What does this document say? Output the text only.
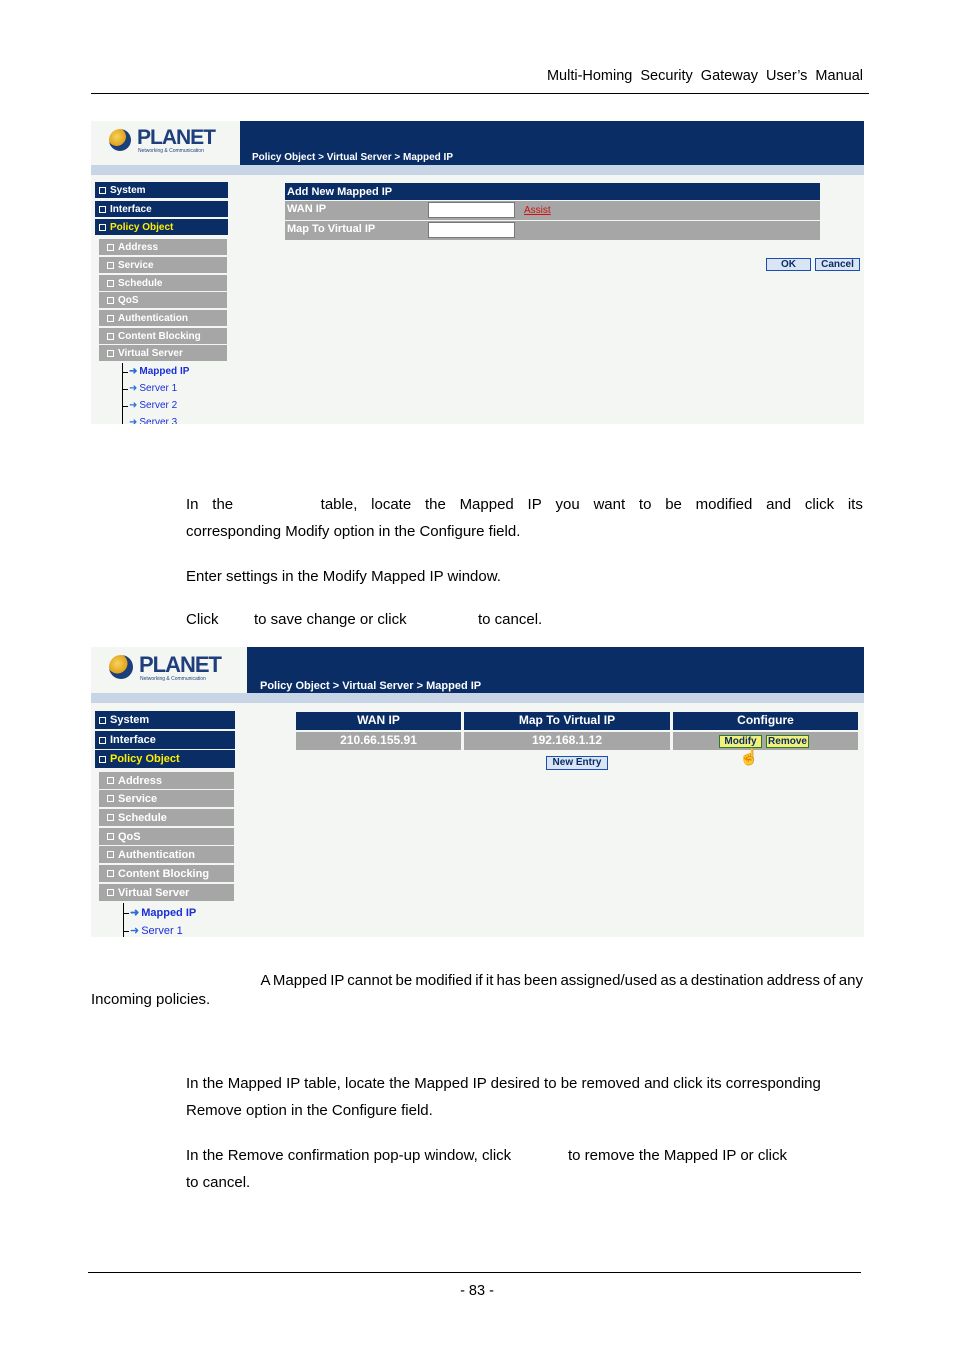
Multi-Homing Security Gateway User’s Manual
PLANET
Networking & Communication
Policy Object > Virtual Server > Mapped IP
System
Interface
Policy Object
Address
Service
Schedule
QoS
Authentication
Content Blocking
Virtual Server
➜ Mapped IP
➜ Server 1
➜ Server 2
➜ Server 3
Add New Mapped IP
WAN IP	Assist
Map To Virtual IP
OK	Cancel
In the	table, locate the Mapped IP you want to be modified and click its
corresponding Modify option in the Configure field.
Enter settings in the Modify Mapped IP window.
Click to save change or click	to cancel.
PLANET
Networking & Communication
Policy Object > Virtual Server > Mapped IP
System
Interface
Policy Object
Address
Service
Schedule
QoS
Authentication
Content Blocking
Virtual Server
➜ Mapped IP
➜ Server 1
WAN IP	Map To Virtual IP	Configure
210.66.155.91	192.168.1.12	Modify	Remove
☝
New Entry
A Mapped IP cannot be modified if it has been assigned/used as a destination address of any
Incoming policies.
In the Mapped IP table, locate the Mapped IP desired to be removed and click its corresponding
Remove option in the Configure field.
In the Remove confirmation pop-up window, click	to remove the Mapped IP or click
to cancel.
- 83 -
